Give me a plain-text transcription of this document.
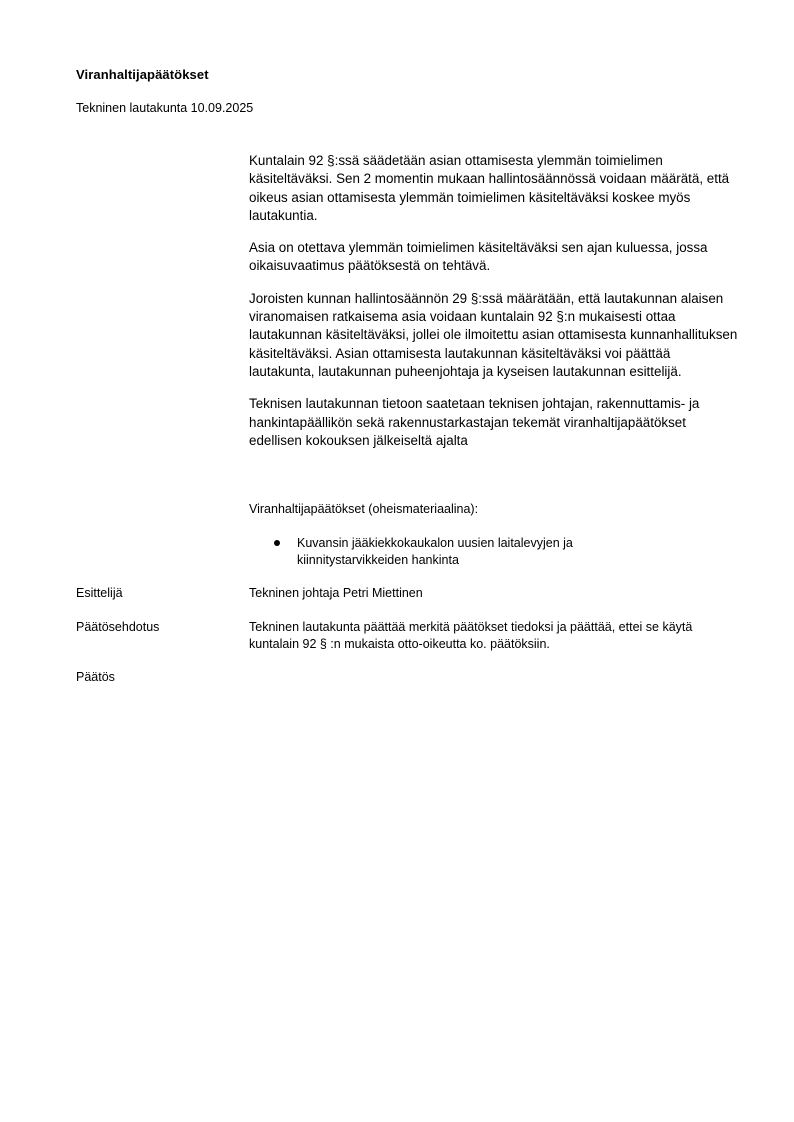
Viranhaltijapäätökset
Tekninen lautakunta 10.09.2025

Kuntalain 92 §:ssä säädetään asian ottamisesta ylemmän toimielimen käsiteltäväksi. Sen 2 momentin mukaan hallintosäännössä voidaan määrätä, että oikeus asian ottamisesta ylemmän toimielimen käsiteltäväksi koskee myös lautakuntia.

Asia on otettava ylemmän toimielimen käsiteltäväksi sen ajan kuluessa, jossa oikaisuvaatimus päätöksestä on tehtävä.

Joroisten kunnan hallintosäännön 29 §:ssä määrätään, että lautakunnan alaisen viranomaisen ratkaisema asia voidaan kuntalain 92 §:n mukaisesti ottaa lautakunnan käsiteltäväksi, jollei ole ilmoitettu asian ottamisesta kunnanhallituksen käsiteltäväksi. Asian ottamisesta lautakunnan käsiteltäväksi voi päättää lautakunta, lautakunnan puheenjohtaja ja kyseisen lautakunnan esittelijä.

Teknisen lautakunnan tietoon saatetaan teknisen johtajan, rakennuttamis- ja hankintapäällikön sekä rakennustarkastajan tekemät viranhaltijapäätökset edellisen kokouksen jälkeiseltä ajalta

Viranhaltijapäätökset (oheismateriaalina):
Kuvansin jääkiekkokaukalon uusien laitalevyjen ja kiinnitystarvikkeiden hankinta
Esittelijä	Tekninen johtaja Petri Miettinen
Päätösehdotus	Tekninen lautakunta päättää merkitä päätökset tiedoksi ja päättää, ettei se käytä kuntalain 92 § :n mukaista otto-oikeutta ko. päätöksiin.
Päätös
